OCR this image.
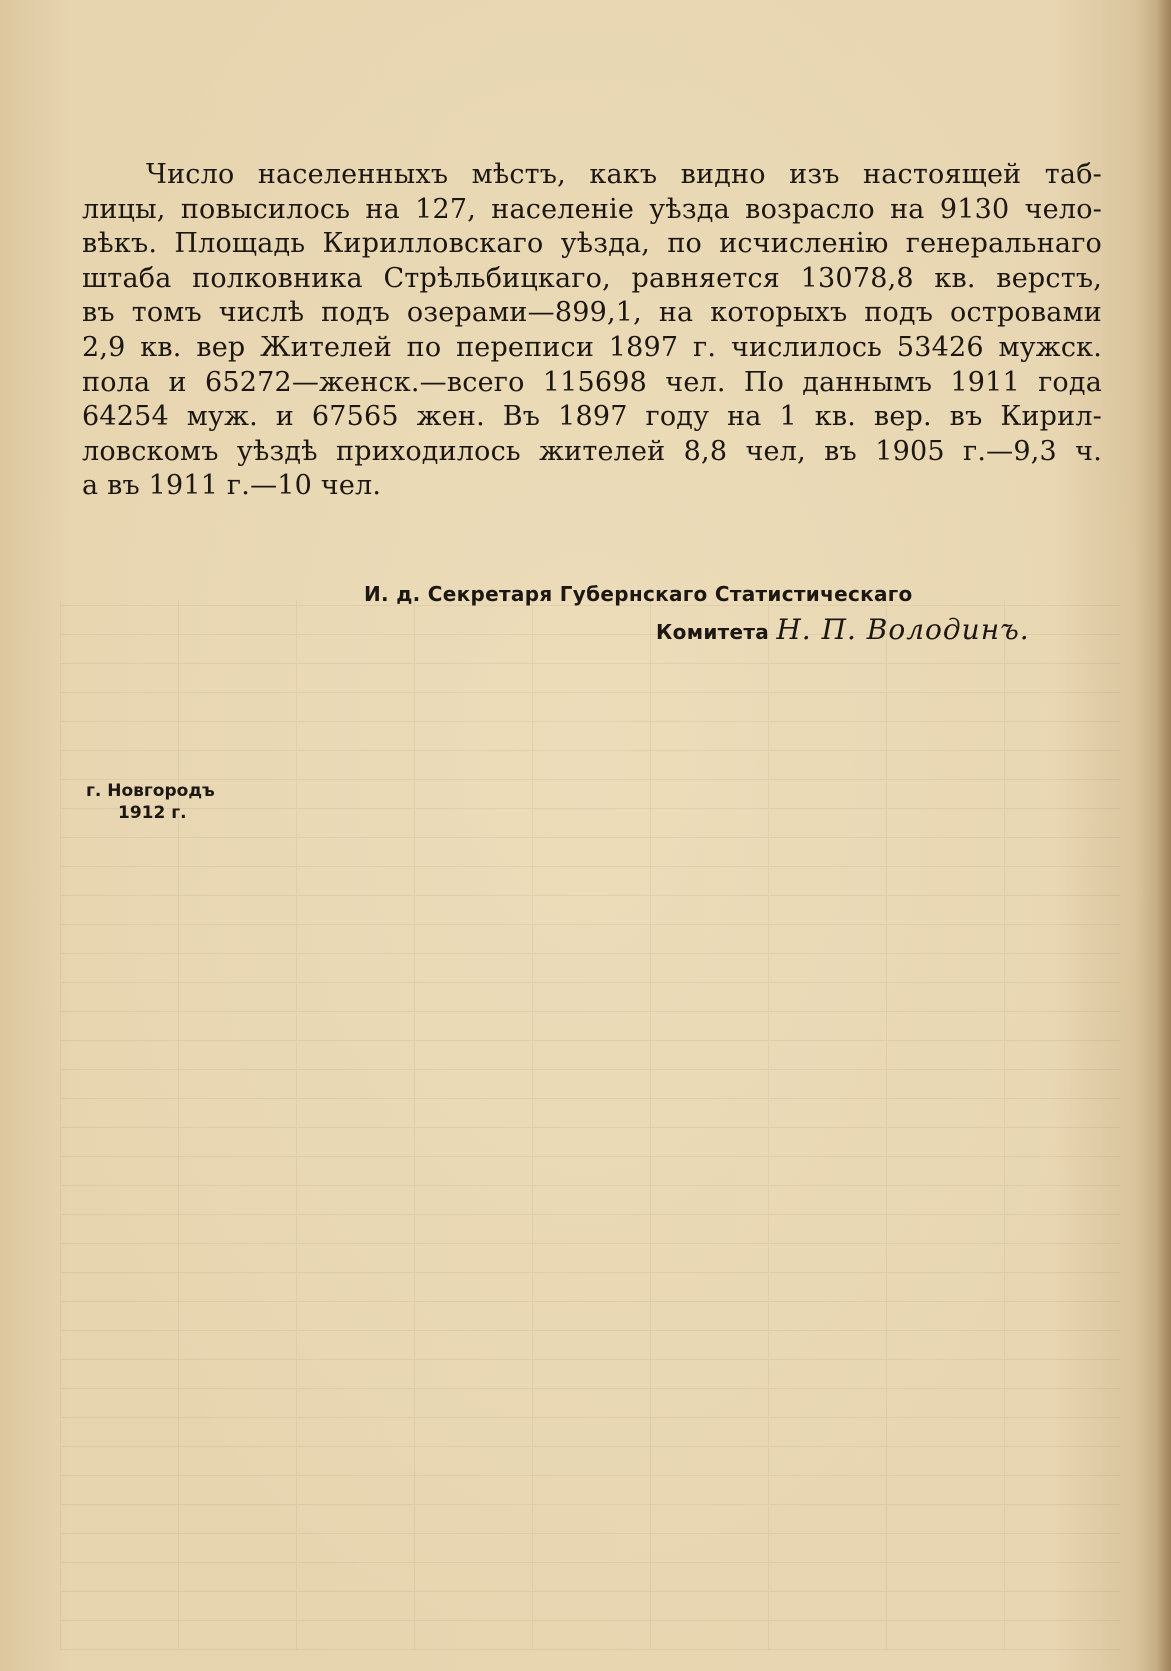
Число населенныхъ мѣстъ, какъ видно изъ настоящей таб-
лицы, повысилось на 127, населеніе уѣзда возрасло на 9130 чело-
вѣкъ. Площадь Кирилловскаго уѣзда, по исчисленію генеральнаго
штаба полковника Стрѣльбицкаго, равняется 13078,8 кв. верстъ,
въ томъ числѣ подъ озерами—899,1, на которыхъ подъ островами
2,9 кв. вер Жителей по переписи 1897 г. числилось 53426 мужск.
пола и 65272—женск.—всего 115698 чел. По даннымъ 1911 года
64254 муж. и 67565 жен. Въ 1897 году на 1 кв. вер. въ Кирил-
ловскомъ уѣздѣ приходилось жителей 8,8 чел, въ 1905 г.—9,3 ч.
а въ 1911 г.—10 чел.
И. д. Секретаря Губернскаго Статистическаго
Комитета Н. П. Володинъ.
г. Новгородъ
1912 г.
